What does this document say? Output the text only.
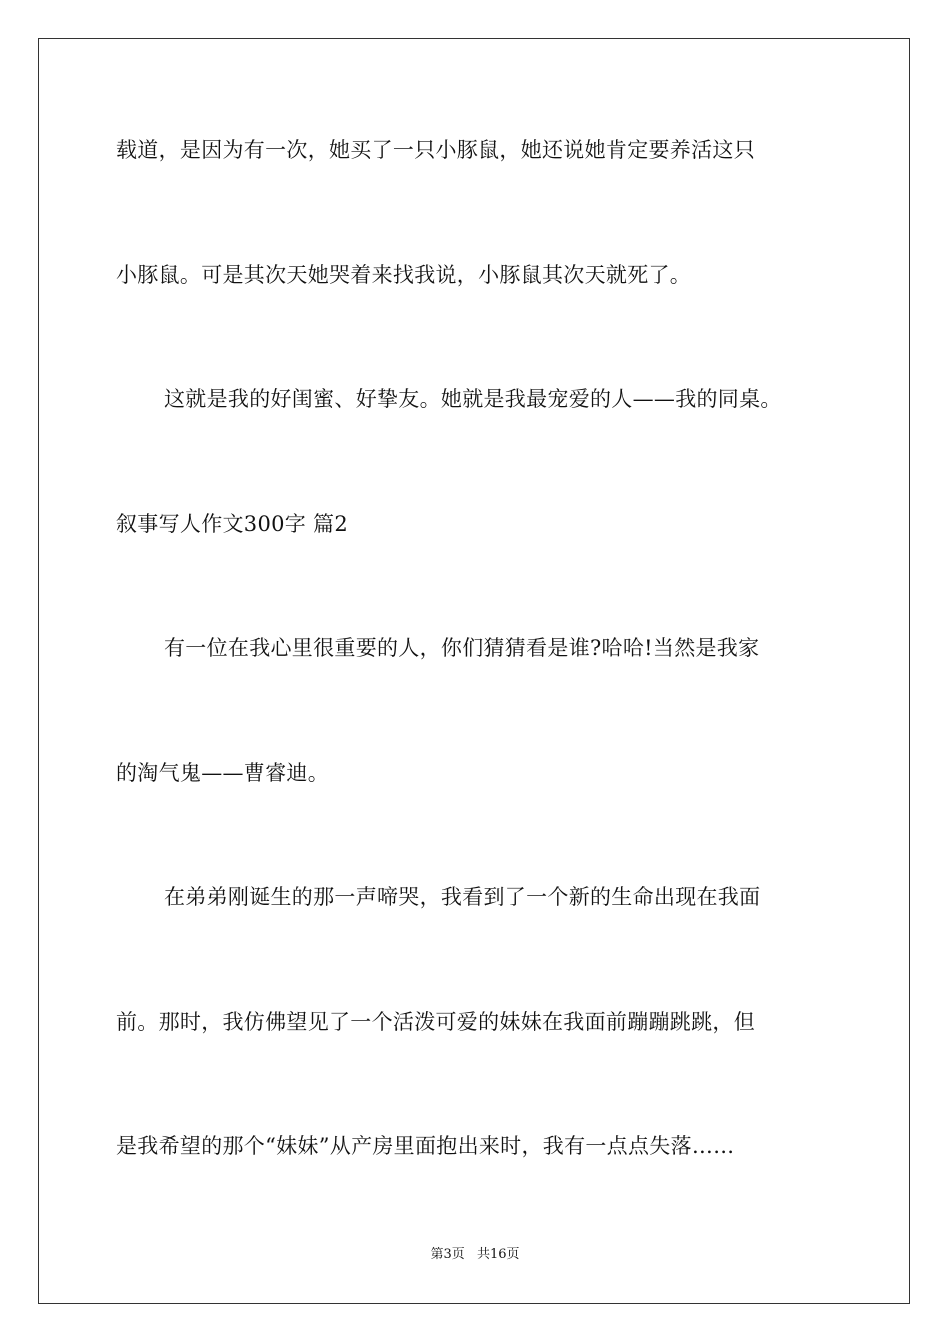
载道，是因为有一次，她买了一只小豚鼠，她还说她肯定要养活这只
小豚鼠。可是其次天她哭着来找我说，小豚鼠其次天就死了。
这就是我的好闺蜜、好挚友。她就是我最宠爱的人——我的同桌。
叙事写人作文300字 篇2
有一位在我心里很重要的人，你们猜猜看是谁?哈哈!当然是我家
的淘气鬼——曹睿迪。
在弟弟刚诞生的那一声啼哭，我看到了一个新的生命出现在我面
前。那时，我仿佛望见了一个活泼可爱的妹妹在我面前蹦蹦跳跳，但
是我希望的那个“妹妹”从产房里面抱出来时，我有一点点失落……
第3页 共16页
